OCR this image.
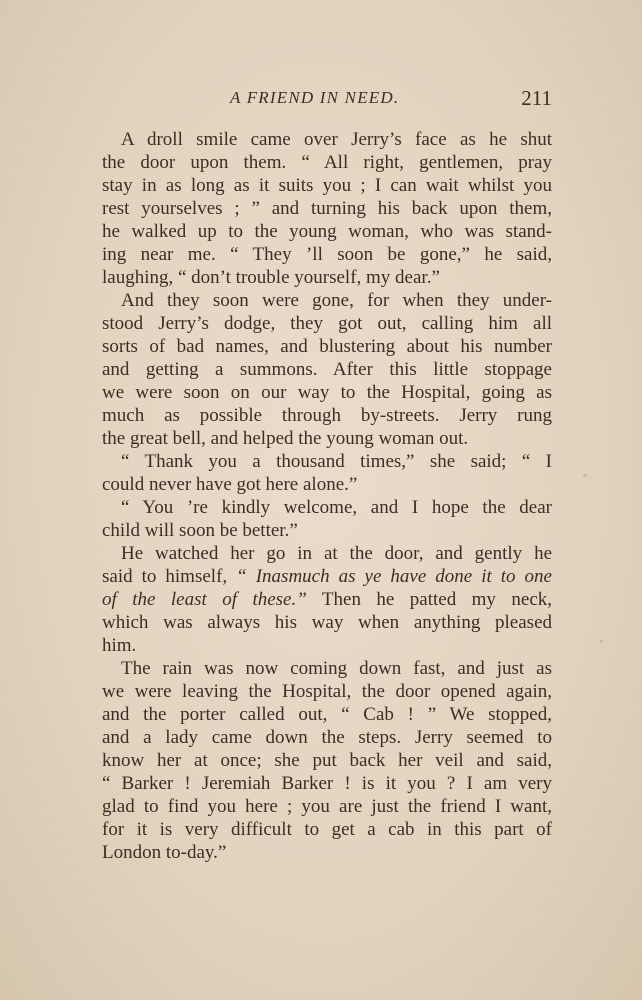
A FRIEND IN NEED.	211
A droll smile came over Jerry’s face as he shut
the door upon them. “ All right, gentlemen, pray
stay in as long as it suits you ; I can wait whilst you
rest yourselves ; ” and turning his back upon them,
he walked up to the young woman, who was stand-
ing near me. “ They ’ll soon be gone,” he said,
laughing, “ don’t trouble yourself, my dear.”
And they soon were gone, for when they under-
stood Jerry’s dodge, they got out, calling him all
sorts of bad names, and blustering about his number
and getting a summons. After this little stoppage
we were soon on our way to the Hospital, going as
much as possible through by-streets. Jerry rung
the great bell, and helped the young woman out.
“ Thank you a thousand times,” she said; “ I
could never have got here alone.”
“ You ’re kindly welcome, and I hope the dear
child will soon be better.”
He watched her go in at the door, and gently he
said to himself, “ Inasmuch as ye have done it to one
of the least of these.” Then he patted my neck,
which was always his way when anything pleased
him.
The rain was now coming down fast, and just as
we were leaving the Hospital, the door opened again,
and the porter called out, “ Cab ! ” We stopped,
and a lady came down the steps. Jerry seemed to
know her at once; she put back her veil and said,
“ Barker ! Jeremiah Barker ! is it you ? I am very
glad to find you here ; you are just the friend I want,
for it is very difficult to get a cab in this part of
London to-day.”
